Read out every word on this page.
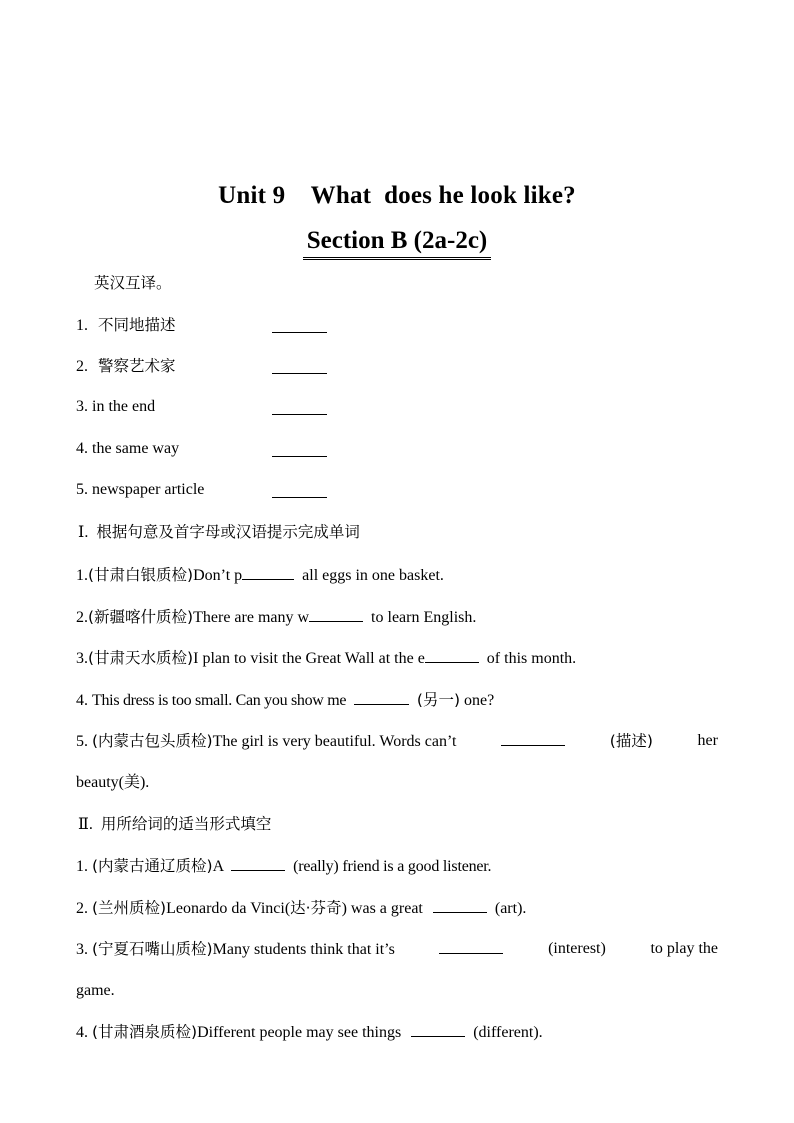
Unit 9    What  does he look like?
Section B (2a-2c)
英汉互译。
1. 不同地描述
2. 警察艺术家
3. in the end
4. the same way
5. newspaper article
Ⅰ. 根据句意及首字母或汉语提示完成单词
1.(甘肃白银质检)Don’t p	all eggs in one basket.
2.(新疆喀什质检)There are many w	to learn English.
3.(甘肃天水质检)I plan to visit the Great Wall at the e	of this month.
4. This dress is too small. Can you show me	(另一) one?
5. (内蒙古包头质检)The girl is very beautiful. Words can’t	(描述)	her
beauty(美).
Ⅱ. 用所给词的适当形式填空
1. (内蒙古通辽质检)A	(really) friend is a good listener.
2. (兰州质检)Leonardo da Vinci(达·芬奇) was a great	(art).
3. (宁夏石嘴山质检)Many students think that it’s	(interest)	to play the
game.
4. (甘肃酒泉质检)Different people may see things	(different).
